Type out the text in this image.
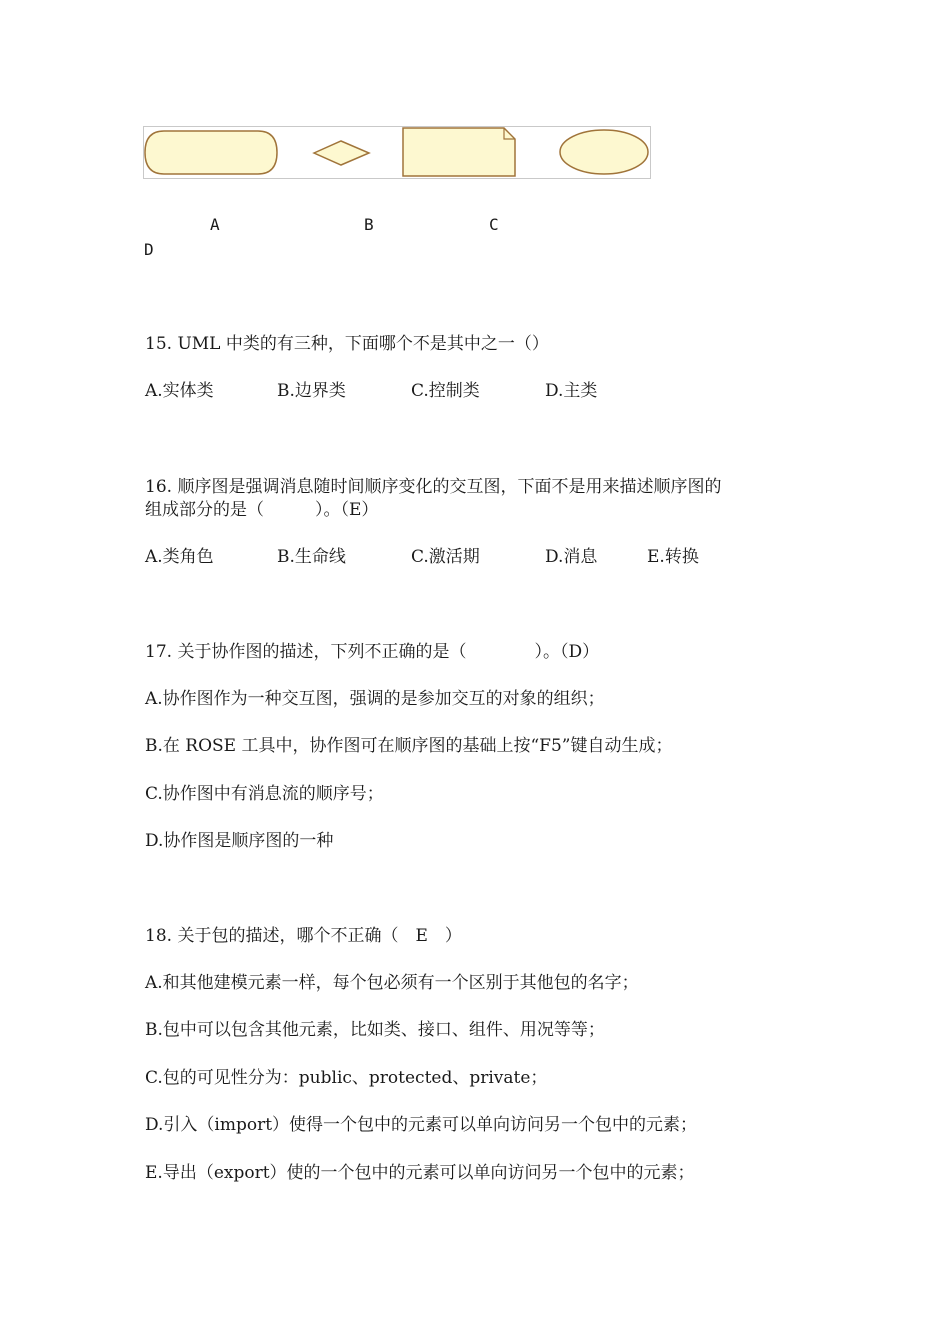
A	B	C
D
15. UML 中类的有三种，下面哪个不是其中之一（）
A.实体类	B.边界类	C.控制类	D.主类
16. 顺序图是强调消息随时间顺序变化的交互图，下面不是用来描述顺序图的
组成部分的是（　　　）。（E）
A.类角色	B.生命线	C.激活期	D.消息	E.转换
17. 关于协作图的描述，下列不正确的是（　　　　）。（D）
A.协作图作为一种交互图，强调的是参加交互的对象的组织；
B.在 ROSE 工具中，协作图可在顺序图的基础上按“F5”键自动生成；
C.协作图中有消息流的顺序号；
D.协作图是顺序图的一种
18. 关于包的描述，哪个不正确（　E　）
A.和其他建模元素一样，每个包必须有一个区别于其他包的名字；
B.包中可以包含其他元素，比如类、接口、组件、用况等等；
C.包的可见性分为：public、protected、private；
D.引入（import）使得一个包中的元素可以单向访问另一个包中的元素；
E.导出（export）使的一个包中的元素可以单向访问另一个包中的元素；
